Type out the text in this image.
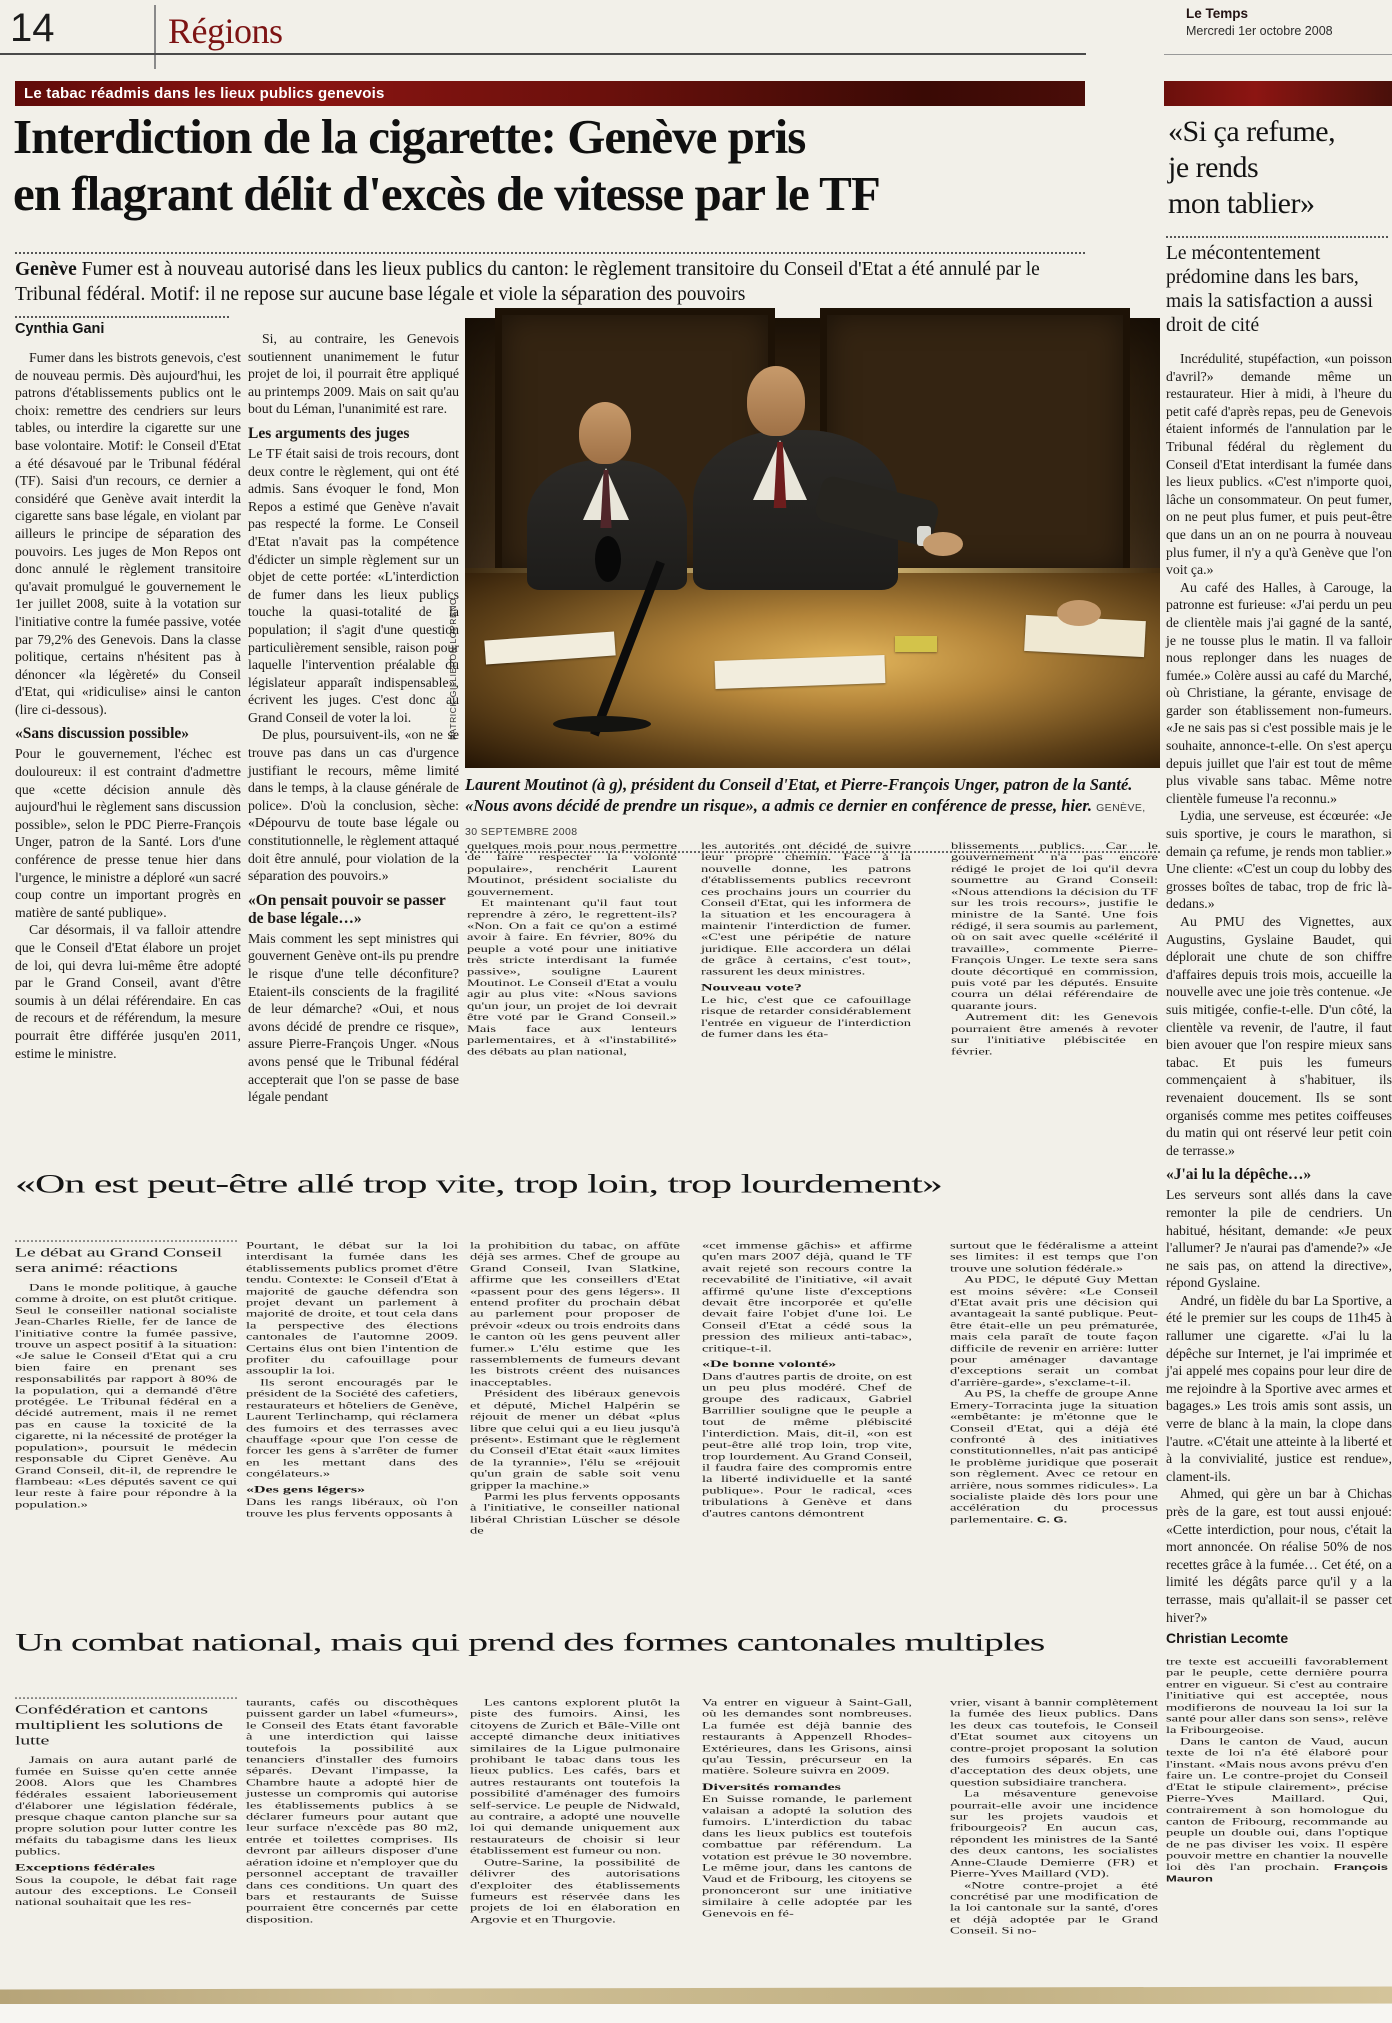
14	Régions	Le Temps
Mercredi 1er octobre 2008
Le tabac réadmis dans les lieux publics genevois
Interdiction de la cigarette: Genève pris
en flagrant délit d'excès de vitesse par le TF
Genève Fumer est à nouveau autorisé dans les lieux publics du canton: le règlement transitoire du Conseil d'Etat a été annulé par le Tribunal fédéral. Motif: il ne repose sur aucune base légale et viole la séparation des pouvoirs
Cynthia Gani

Fumer dans les bistrots genevois, c'est de nouveau permis. Dès aujourd'hui, les patrons d'établissements publics ont le choix: remettre des cendriers sur leurs tables, ou interdire la cigarette sur une base volontaire. Motif: le Conseil d'Etat a été désavoué par le Tribunal fédéral (TF). Saisi d'un recours, ce dernier a considéré que Genève avait interdit la cigarette sans base légale, en violant par ailleurs le principe de séparation des pouvoirs. Les juges de Mon Repos ont donc annulé le règlement transitoire qu'avait promulgué le gouvernement le 1er juillet 2008, suite à la votation sur l'initiative contre la fumée passive, votée par 79,2% des Genevois. Dans la classe politique, certains n'hésitent pas à dénoncer «la légèreté» du Conseil d'Etat, qui «ridiculise» ainsi le canton (lire ci-dessous).

«Sans discussion possible»

Pour le gouvernement, l'échec est douloureux: il est contraint d'admettre que «cette décision annule dès aujourd'hui le règlement sans discussion possible», selon le PDC Pierre-François Unger, patron de la Santé. Lors d'une conférence de presse tenue hier dans l'urgence, le ministre a déploré «un sacré coup contre un important progrès en matière de santé publique».

Car désormais, il va falloir attendre que le Conseil d'Etat élabore un projet de loi, qui devra lui-même être adopté par le Grand Conseil, avant d'être soumis à un délai référendaire. En cas de recours et de référendum, la mesure pourrait être différée jusqu'en 2011, estime le ministre.

Si, au contraire, les Genevois soutiennent unanimement le futur projet de loi, il pourrait être appliqué au printemps 2009. Mais on sait qu'au bout du Léman, l'unanimité est rare.

Les arguments des juges

Le TF était saisi de trois recours, dont deux contre le règlement, qui ont été admis. Sans évoquer le fond, Mon Repos a estimé que Genève n'avait pas respecté la forme. Le Conseil d'Etat n'avait pas la compétence d'édicter un simple règlement sur un objet de cette portée: «L'interdiction de fumer dans les lieux publics touche la quasi-totalité de la population; il s'agit d'une question particulièrement sensible, raison pour laquelle l'intervention préalable du législateur apparaît indispensable», écrivent les juges. C'est donc au Grand Conseil de voter la loi.

De plus, poursuivent-ils, «on ne se trouve pas dans un cas d'urgence justifiant le recours, même limité dans le temps, à la clause générale de police». D'où la conclusion, sèche: «Dépourvu de toute base légale ou constitutionnelle, le règlement attaqué doit être annulé, pour violation de la séparation des pouvoirs.»

«On pensait pouvoir se passer de base légale…»

Mais comment les sept ministres qui gouvernent Genève ont-ils pu prendre le risque d'une telle déconfiture? Etaient-ils conscients de la fragilité de leur démarche? «Oui, et nous avons décidé de prendre ce risque», assure Pierre-François Unger. «Nous avons pensé que le Tribunal fédéral accepterait que l'on se passe de base légale pendant

PATRICK GILLIERON LOPRENO
Laurent Moutinot (à g), président du Conseil d'Etat, et Pierre-François Unger, patron de la Santé. «Nous avons décidé de prendre un risque», a admis ce dernier en conférence de presse, hier. GENÈVE, 30 SEPTEMBRE 2008

quelques mois pour nous permettre de faire respecter la volonté populaire», renchérit Laurent Moutinot, président socialiste du gouvernement.

Et maintenant qu'il faut tout reprendre à zéro, le regrettent-ils? «Non. On a fait ce qu'on a estimé avoir à faire. En février, 80% du peuple a voté pour une initiative très stricte interdisant la fumée passive», souligne Laurent Moutinot. Le Conseil d'Etat a voulu agir au plus vite: «Nous savions qu'un jour, un projet de loi devrait être voté par le Grand Conseil.» Mais face aux lenteurs parlementaires, et à «l'instabilité» des débats au plan national,

les autorités ont décidé de suivre leur propre chemin. Face à la nouvelle donne, les patrons d'établissements publics recevront ces prochains jours un courrier du Conseil d'Etat, qui les informera de la situation et les encouragera à maintenir l'interdiction de fumer. «C'est une péripétie de nature juridique. Elle accordera un délai de grâce à certains, c'est tout», rassurent les deux ministres.

Nouveau vote?

Le hic, c'est que ce cafouillage risque de retarder considérablement l'entrée en vigueur de l'interdiction de fumer dans les éta-

blissements publics. Car le gouvernement n'a pas encore rédigé le projet de loi qu'il devra soumettre au Grand Conseil: «Nous attendions la décision du TF sur les trois recours», justifie le ministre de la Santé. Une fois rédigé, il sera soumis au parlement, où on sait avec quelle «célérité il travaille», commente Pierre-François Unger. Le texte sera sans doute décortiqué en commission, puis voté par les députés. Ensuite courra un délai référendaire de quarante jours.

Autrement dit: les Genevois pourraient être amenés à revoter sur l'initiative plébiscitée en février.

«Si ça refume,
je rends
mon tablier»
Le mécontentement prédomine dans les bars, mais la satisfaction a aussi droit de cité

Incrédulité, stupéfaction, «un poisson d'avril?» demande même un restaurateur. Hier à midi, à l'heure du petit café d'après repas, peu de Genevois étaient informés de l'annulation par le Tribunal fédéral du règlement du Conseil d'Etat interdisant la fumée dans les lieux publics. «C'est n'importe quoi, lâche un consommateur. On peut fumer, on ne peut plus fumer, et puis peut-être que dans un an on ne pourra à nouveau plus fumer, il n'y a qu'à Genève que l'on voit ça.»

Au café des Halles, à Carouge, la patronne est furieuse: «J'ai perdu un peu de clientèle mais j'ai gagné de la santé, je ne tousse plus le matin. Il va falloir nous replonger dans les nuages de fumée.» Colère aussi au café du Marché, où Christiane, la gérante, envisage de garder son établissement non-fumeurs. «Je ne sais pas si c'est possible mais je le souhaite, annonce-t-elle. On s'est aperçu depuis juillet que l'air est tout de même plus vivable sans tabac. Même notre clientèle fumeuse l'a reconnu.»

Lydia, une serveuse, est écœurée: «Je suis sportive, je cours le marathon, si demain ça refume, je rends mon tablier.» Une cliente: «C'est un coup du lobby des grosses boîtes de tabac, trop de fric là-dedans.»

Au PMU des Vignettes, aux Augustins, Gyslaine Baudet, qui déplorait une chute de son chiffre d'affaires depuis trois mois, accueille la nouvelle avec une joie très contenue. «Je suis mitigée, confie-t-elle. D'un côté, la clientèle va revenir, de l'autre, il faut bien avouer que l'on respire mieux sans tabac. Et puis les fumeurs commençaient à s'habituer, ils revenaient doucement. Ils se sont organisés comme mes petites coiffeuses du matin qui ont réservé leur petit coin de terrasse.»

«J'ai lu la dépêche…»

Les serveurs sont allés dans la cave remonter la pile de cendriers. Un habitué, hésitant, demande: «Je peux l'allumer? Je n'aurai pas d'amende?» «Je ne sais pas, on attend la directive», répond Gyslaine.

André, un fidèle du bar La Sportive, a été le premier sur les coups de 11h45 à rallumer une cigarette. «J'ai lu la dépêche sur Internet, je l'ai imprimée et j'ai appelé mes copains pour leur dire de me rejoindre à la Sportive avec armes et bagages.» Les trois amis sont assis, un verre de blanc à la main, la clope dans l'autre. «C'était une atteinte à la liberté et à la convivialité, justice est rendue», clament-ils.

Ahmed, qui gère un bar à Chichas près de la gare, est tout aussi enjoué: «Cette interdiction, pour nous, c'était la mort annoncée. On réalise 50% de nos recettes grâce à la fumée… Cet été, on a limité les dégâts parce qu'il y a la terrasse, mais qu'allait-il se passer cet hiver?»

Christian Lecomte
«On est peut-être allé trop vite, trop loin, trop lourdement»
Le débat au Grand Conseil sera animé: réactions

Dans le monde politique, à gauche comme à droite, on est plutôt critique. Seul le conseiller national socialiste Jean-Charles Rielle, fer de lance de l'initiative contre la fumée passive, trouve un aspect positif à la situation: «Je salue le Conseil d'Etat qui a cru bien faire en prenant ses responsabilités par rapport à 80% de la population, qui a demandé d'être protégée. Le Tribunal fédéral en a décidé autrement, mais il ne remet pas en cause la toxicité de la cigarette, ni la nécessité de protéger la population», poursuit le médecin responsable du Cipret Genève. Au Grand Conseil, dit-il, de reprendre le flambeau: «Les députés savent ce qui leur reste à faire pour répondre à la population.»

Pourtant, le débat sur la loi interdisant la fumée dans les établissements publics promet d'être tendu. Contexte: le Conseil d'Etat à majorité de gauche défendra son projet devant un parlement à majorité de droite, et tout cela dans la perspective des élections cantonales de l'automne 2009. Certains élus ont bien l'intention de profiter du cafouillage pour assouplir la loi.

Ils seront encouragés par le président de la Société des cafetiers, restaurateurs et hôteliers de Genève, Laurent Terlinchamp, qui réclamera des fumoirs et des terrasses avec chauffage «pour que l'on cesse de forcer les gens à s'arrêter de fumer en les mettant dans des congélateurs.»

«Des gens légers»

Dans les rangs libéraux, où l'on trouve les plus fervents opposants à

la prohibition du tabac, on affûte déjà ses armes. Chef de groupe au Grand Conseil, Ivan Slatkine, affirme que les conseillers d'Etat «passent pour des gens légers». Il entend profiter du prochain débat au parlement pour proposer de prévoir «deux ou trois endroits dans le canton où les gens peuvent aller fumer.» L'élu estime que les rassemblements de fumeurs devant les bistrots créent des nuisances inacceptables.

Président des libéraux genevois et député, Michel Halpérin se réjouit de mener un débat «plus libre que celui qui a eu lieu jusqu'à présent». Estimant que le règlement du Conseil d'Etat était «aux limites de la tyrannie», l'élu se «réjouit qu'un grain de sable soit venu gripper la machine.»

Parmi les plus fervents opposants à l'initiative, le conseiller national libéral Christian Lüscher se désole de

«cet immense gâchis» et affirme qu'en mars 2007 déjà, quand le TF avait rejeté son recours contre la recevabilité de l'initiative, «il avait affirmé qu'une liste d'exceptions devait être incorporée et qu'elle devait faire l'objet d'une loi. Le Conseil d'Etat a cédé sous la pression des milieux anti-tabac», critique-t-il.

«De bonne volonté»

Dans d'autres partis de droite, on est un peu plus modéré. Chef de groupe des radicaux, Gabriel Barrillier souligne que le peuple a tout de même plébiscité l'interdiction. Mais, dit-il, «on est peut-être allé trop loin, trop vite, trop lourdement. Au Grand Conseil, il faudra faire des compromis entre la liberté individuelle et la santé publique». Pour le radical, «ces tribulations à Genève et dans d'autres cantons démontrent

surtout que le fédéralisme a atteint ses limites: il est temps que l'on trouve une solution fédérale.»

Au PDC, le député Guy Mettan est moins sévère: «Le Conseil d'Etat avait pris une décision qui avantageait la santé publique. Peut-être était-elle un peu prématurée, mais cela paraît de toute façon difficile de revenir en arrière: lutter pour aménager davantage d'exceptions serait un combat d'arrière-garde», s'exclame-t-il.

Au PS, la cheffe de groupe Anne Emery-Torracinta juge la situation «embêtante: je m'étonne que le Conseil d'Etat, qui a déjà été confronté à des initiatives constitutionnelles, n'ait pas anticipé le problème juridique que poserait son règlement. Avec ce retour en arrière, nous sommes ridicules». La socialiste plaide dès lors pour une accélération du processus parlementaire. C. G.

Un combat national, mais qui prend des formes cantonales multiples
Confédération et cantons multiplient les solutions de lutte

Jamais on aura autant parlé de fumée en Suisse qu'en cette année 2008. Alors que les Chambres fédérales essaient laborieusement d'élaborer une législation fédérale, presque chaque canton planche sur sa propre solution pour lutter contre les méfaits du tabagisme dans les lieux publics.

Exceptions fédérales

Sous la coupole, le débat fait rage autour des exceptions. Le Conseil national souhaitait que les res-

taurants, cafés ou discothèques puissent garder un label «fumeurs», le Conseil des Etats étant favorable à une interdiction qui laisse toutefois la possibilité aux tenanciers d'installer des fumoirs séparés. Devant l'impasse, la Chambre haute a adopté hier de justesse un compromis qui autorise les établissements publics à se déclarer fumeurs pour autant que leur surface n'excède pas 80 m2, entrée et toilettes comprises. Ils devront par ailleurs disposer d'une aération idoine et n'employer que du personnel acceptant de travailler dans ces conditions. Un quart des bars et restaurants de Suisse pourraient être concernés par cette disposition.

Les cantons explorent plutôt la piste des fumoirs. Ainsi, les citoyens de Zurich et Bâle-Ville ont accepté dimanche deux initiatives similaires de la Ligue pulmonaire prohibant le tabac dans tous les lieux publics. Les cafés, bars et autres restaurants ont toutefois la possibilité d'aménager des fumoirs self-service. Le peuple de Nidwald, au contraire, a adopté une nouvelle loi qui demande uniquement aux restaurateurs de choisir si leur établissement est fumeur ou non.

Outre-Sarine, la possibilité de délivrer des autorisations d'exploiter des établissements fumeurs est réservée dans les projets de loi en élaboration en Argovie et en Thurgovie.

Va entrer en vigueur à Saint-Gall, où les demandes sont nombreuses. La fumée est déjà bannie des restaurants à Appenzell Rhodes-Extérieures, dans les Grisons, ainsi qu'au Tessin, précurseur en la matière. Soleure suivra en 2009.

Diversités romandes

En Suisse romande, le parlement valaisan a adopté la solution des fumoirs. L'interdiction du tabac dans les lieux publics est toutefois combattue par référendum. La votation est prévue le 30 novembre. Le même jour, dans les cantons de Vaud et de Fribourg, les citoyens se prononceront sur une initiative similaire à celle adoptée par les Genevois en fé-

vrier, visant à bannir complètement la fumée des lieux publics. Dans les deux cas toutefois, le Conseil d'Etat soumet aux citoyens un contre-projet proposant la solution des fumoirs séparés. En cas d'acceptation des deux objets, une question subsidiaire tranchera.

La mésaventure genevoise pourrait-elle avoir une incidence sur les projets vaudois et fribourgeois? En aucun cas, répondent les ministres de la Santé des deux cantons, les socialistes Anne-Claude Demierre (FR) et Pierre-Yves Maillard (VD).

«Notre contre-projet a été concrétisé par une modification de la loi cantonale sur la santé, d'ores et déjà adoptée par le Grand Conseil. Si no-

tre texte est accueilli favorablement par le peuple, cette dernière pourra entrer en vigueur. Si c'est au contraire l'initiative qui est acceptée, nous modifierons de nouveau la loi sur la santé pour aller dans son sens», relève la Fribourgeoise.

Dans le canton de Vaud, aucun texte de loi n'a été élaboré pour l'instant. «Mais nous avons prévu d'en faire un. Le contre-projet du Conseil d'Etat le stipule clairement», précise Pierre-Yves Maillard. Qui, contrairement à son homologue du canton de Fribourg, recommande au peuple un double oui, dans l'optique de ne pas diviser les voix. Il espère pouvoir mettre en chantier la nouvelle loi dès l'an prochain. François Mauron
